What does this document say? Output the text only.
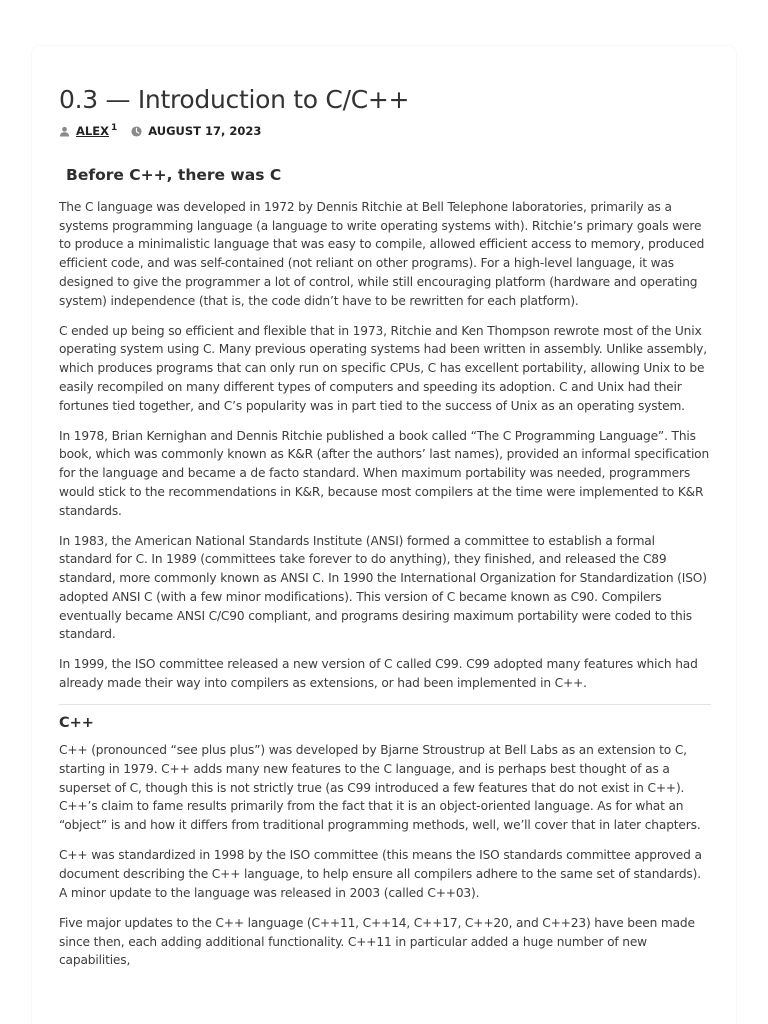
0.3 — Introduction to C/C++
$ALEX^1$	AUGUST 17, 2023
Before C++, there was C

The C language was developed in 1972 by Dennis Ritchie at Bell Telephone laboratories, primarily as a systems programming language (a language to write operating systems with). Ritchie’s primary goals were to produce a minimalistic language that was easy to compile, allowed efficient access to memory, produced efficient code, and was self-contained (not reliant on other programs). For a high-level language, it was designed to give the programmer a lot of control, while still encouraging platform (hardware and operating system) independence (that is, the code didn’t have to be rewritten for each platform).

C ended up being so efficient and flexible that in 1973, Ritchie and Ken Thompson rewrote most of the Unix operating system using C. Many previous operating systems had been written in assembly. Unlike assembly, which produces programs that can only run on specific CPUs, C has excellent portability, allowing Unix to be easily recompiled on many different types of computers and speeding its adoption. C and Unix had their fortunes tied together, and C’s popularity was in part tied to the success of Unix as an operating system.

In 1978, Brian Kernighan and Dennis Ritchie published a book called “The C Programming Language”. This book, which was commonly known as K&R (after the authors’ last names), provided an informal specification for the language and became a de facto standard. When maximum portability was needed, programmers would stick to the recommendations in K&R, because most compilers at the time were implemented to K&R standards.

In 1983, the American National Standards Institute (ANSI) formed a committee to establish a formal standard for C. In 1989 (committees take forever to do anything), they finished, and released the C89 standard, more commonly known as ANSI C. In 1990 the International Organization for Standardization (ISO) adopted ANSI C (with a few minor modifications). This version of C became known as C90. Compilers eventually became ANSI C/C90 compliant, and programs desiring maximum portability were coded to this standard.

In 1999, the ISO committee released a new version of C called C99. C99 adopted many features which had already made their way into compilers as extensions, or had been implemented in C++.

C++

C++ (pronounced “see plus plus”) was developed by Bjarne Stroustrup at Bell Labs as an extension to C, starting in 1979. C++ adds many new features to the C language, and is perhaps best thought of as a superset of C, though this is not strictly true (as C99 introduced a few features that do not exist in C++). C++’s claim to fame results primarily from the fact that it is an object-oriented language. As for what an “object” is and how it differs from traditional programming methods, well, we’ll cover that in later chapters.

C++ was standardized in 1998 by the ISO committee (this means the ISO standards committee approved a document describing the C++ language, to help ensure all compilers adhere to the same set of standards). A minor update to the language was released in 2003 (called C++03).

Five major updates to the C++ language (C++11, C++14, C++17, C++20, and C++23) have been made since then, each adding additional functionality. C++11 in particular added a huge number of new capabilities,
